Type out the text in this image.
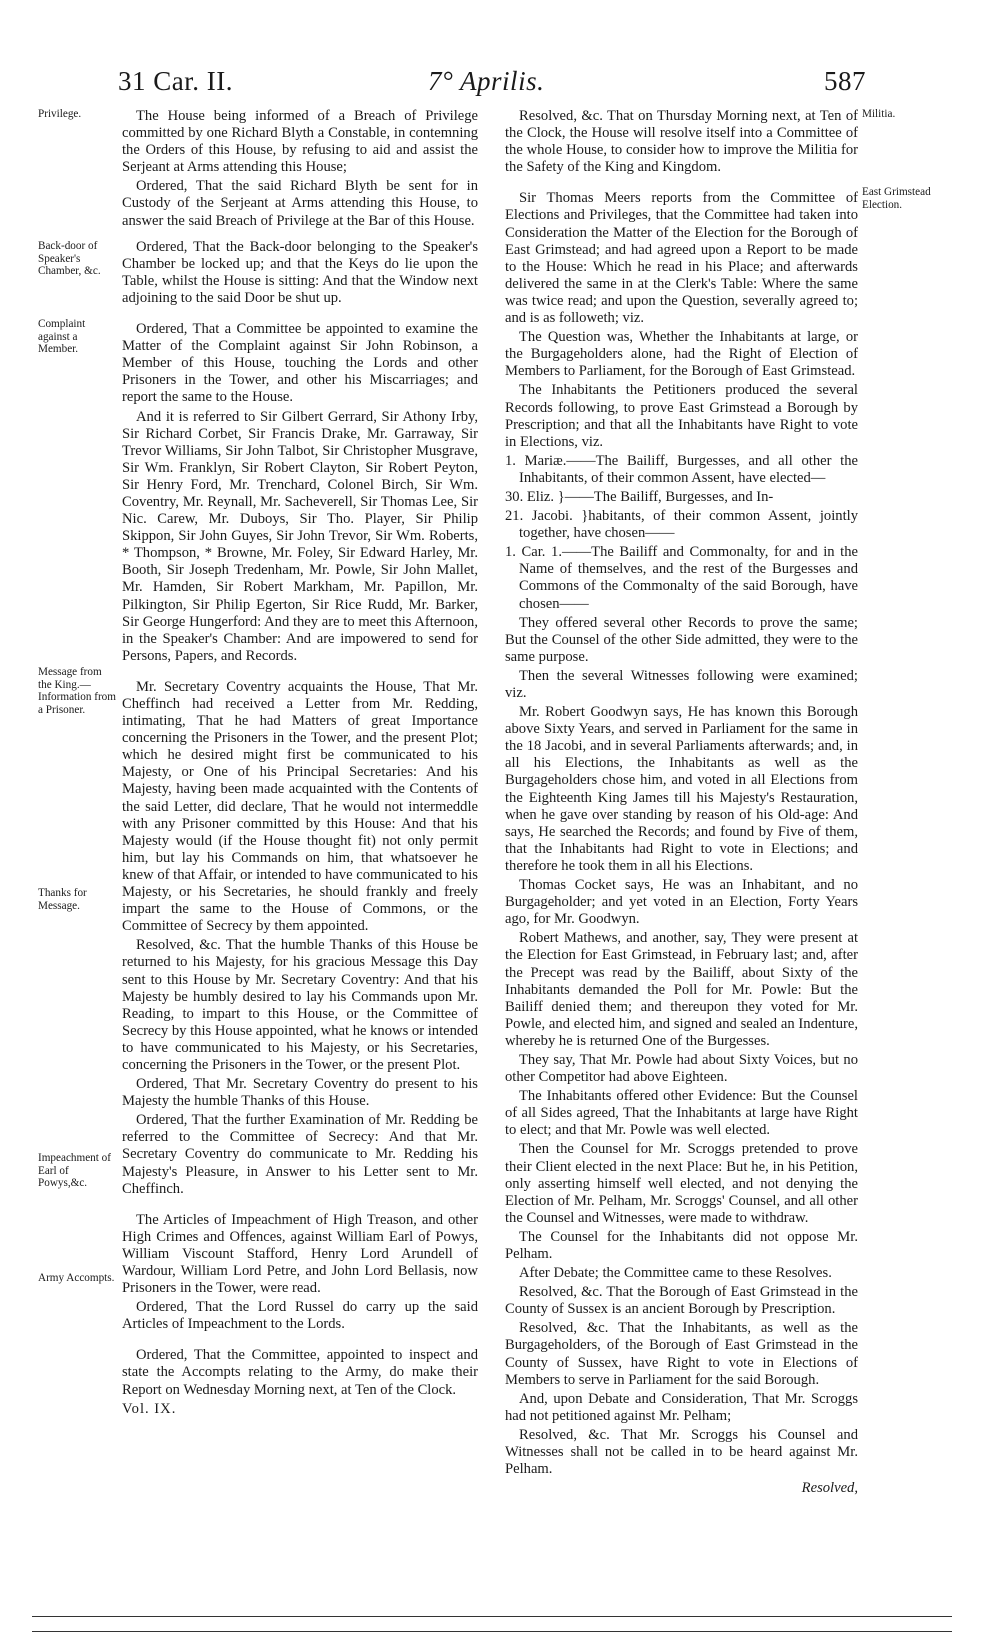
31 Car. II.	7° Aprilis.	587
Privilege.
Back-door of Speaker's Chamber, &c.
Complaint against a Member.
Message from the King.—Information from a Prisoner.
Thanks for Message.
Impeachment of Earl of Powys,&c.
Army Accompts.
Militia.
East Grimstead Election.

The House being informed of a Breach of Privilege committed by one Richard Blyth a Constable, in contemning the Orders of this House, by refusing to aid and assist the Serjeant at Arms attending this House;

Ordered, That the said Richard Blyth be sent for in Custody of the Serjeant at Arms attending this House, to answer the said Breach of Privilege at the Bar of this House.

Ordered, That the Back-door belonging to the Speaker's Chamber be locked up; and that the Keys do lie upon the Table, whilst the House is sitting: And that the Window next adjoining to the said Door be shut up.

Ordered, That a Committee be appointed to examine the Matter of the Complaint against Sir John Robinson, a Member of this House, touching the Lords and other Prisoners in the Tower, and other his Miscarriages; and report the same to the House.

And it is referred to Sir Gilbert Gerrard, Sir Athony Irby, Sir Richard Corbet, Sir Francis Drake, Mr. Garraway, Sir Trevor Williams, Sir John Talbot, Sir Christopher Musgrave, Sir Wm. Franklyn, Sir Robert Clayton, Sir Robert Peyton, Sir Henry Ford, Mr. Trenchard, Colonel Birch, Sir Wm. Coventry, Mr. Reynall, Mr. Sacheverell, Sir Thomas Lee, Sir Nic. Carew, Mr. Duboys, Sir Tho. Player, Sir Philip Skippon, Sir John Guyes, Sir John Trevor, Sir Wm. Roberts, * Thompson, * Browne, Mr. Foley, Sir Edward Harley, Mr. Booth, Sir Joseph Tredenham, Mr. Powle, Sir John Mallet, Mr. Hamden, Sir Robert Markham, Mr. Papillon, Mr. Pilkington, Sir Philip Egerton, Sir Rice Rudd, Mr. Barker, Sir George Hungerford: And they are to meet this Afternoon, in the Speaker's Chamber: And are impowered to send for Persons, Papers, and Records.

Mr. Secretary Coventry acquaints the House, That Mr. Cheffinch had received a Letter from Mr. Redding, intimating, That he had Matters of great Importance concerning the Prisoners in the Tower, and the present Plot; which he desired might first be communicated to his Majesty, or One of his Principal Secretaries: And his Majesty, having been made acquainted with the Contents of the said Letter, did declare, That he would not intermeddle with any Prisoner committed by this House: And that his Majesty would (if the House thought fit) not only permit him, but lay his Commands on him, that whatsoever he knew of that Affair, or intended to have communicated to his Majesty, or his Secretaries, he should frankly and freely impart the same to the House of Commons, or the Committee of Secrecy by them appointed.

Resolved, &c. That the humble Thanks of this House be returned to his Majesty, for his gracious Message this Day sent to this House by Mr. Secretary Coventry: And that his Majesty be humbly desired to lay his Commands upon Mr. Reading, to impart to this House, or the Committee of Secrecy by this House appointed, what he knows or intended to have communicated to his Majesty, or his Secretaries, concerning the Prisoners in the Tower, or the present Plot.

Ordered, That Mr. Secretary Coventry do present to his Majesty the humble Thanks of this House.

Ordered, That the further Examination of Mr. Redding be referred to the Committee of Secrecy: And that Mr. Secretary Coventry do communicate to Mr. Redding his Majesty's Pleasure, in Answer to his Letter sent to Mr. Cheffinch.

The Articles of Impeachment of High Treason, and other High Crimes and Offences, against William Earl of Powys, William Viscount Stafford, Henry Lord Arundell of Wardour, William Lord Petre, and John Lord Bellasis, now Prisoners in the Tower, were read.

Ordered, That the Lord Russel do carry up the said Articles of Impeachment to the Lords.

Ordered, That the Committee, appointed to inspect and state the Accompts relating to the Army, do make their Report on Wednesday Morning next, at Ten of the Clock.

Vol. IX.

Resolved, &c. That on Thursday Morning next, at Ten of the Clock, the House will resolve itself into a Committee of the whole House, to consider how to improve the Militia for the Safety of the King and Kingdom.

Sir Thomas Meers reports from the Committee of Elections and Privileges, that the Committee had taken into Consideration the Matter of the Election for the Borough of East Grimstead; and had agreed upon a Report to be made to the House: Which he read in his Place; and afterwards delivered the same in at the Clerk's Table: Where the same was twice read; and upon the Question, severally agreed to; and is as followeth; viz.

The Question was, Whether the Inhabitants at large, or the Burgageholders alone, had the Right of Election of Members to Parliament, for the Borough of East Grimstead.

The Inhabitants the Petitioners produced the several Records following, to prove East Grimstead a Borough by Prescription; and that all the Inhabitants have Right to vote in Elections, viz.

1. Mariæ.——The Bailiff, Burgesses, and all other the Inhabitants, of their common Assent, have elected—

30. Eliz. }——The Bailiff, Burgesses, and In-

21. Jacobi. }habitants, of their common Assent, jointly together, have chosen——

1. Car. 1.——The Bailiff and Commonalty, for and in the Name of themselves, and the rest of the Burgesses and Commons of the Commonalty of the said Borough, have chosen——

They offered several other Records to prove the same; But the Counsel of the other Side admitted, they were to the same purpose.

Then the several Witnesses following were examined; viz.

Mr. Robert Goodwyn says, He has known this Borough above Sixty Years, and served in Parliament for the same in the 18 Jacobi, and in several Parliaments afterwards; and, in all his Elections, the Inhabitants as well as the Burgageholders chose him, and voted in all Elections from the Eighteenth King James till his Majesty's Restauration, when he gave over standing by reason of his Old-age: And says, He searched the Records; and found by Five of them, that the Inhabitants had Right to vote in Elections; and therefore he took them in all his Elections.

Thomas Cocket says, He was an Inhabitant, and no Burgageholder; and yet voted in an Election, Forty Years ago, for Mr. Goodwyn.

Robert Mathews, and another, say, They were present at the Election for East Grimstead, in February last; and, after the Precept was read by the Bailiff, about Sixty of the Inhabitants demanded the Poll for Mr. Powle: But the Bailiff denied them; and thereupon they voted for Mr. Powle, and elected him, and signed and sealed an Indenture, whereby he is returned One of the Burgesses.

They say, That Mr. Powle had about Sixty Voices, but no other Competitor had above Eighteen.

The Inhabitants offered other Evidence: But the Counsel of all Sides agreed, That the Inhabitants at large have Right to elect; and that Mr. Powle was well elected.

Then the Counsel for Mr. Scroggs pretended to prove their Client elected in the next Place: But he, in his Petition, only asserting himself well elected, and not denying the Election of Mr. Pelham, Mr. Scroggs' Counsel, and all other the Counsel and Witnesses, were made to withdraw.

The Counsel for the Inhabitants did not oppose Mr. Pelham.

After Debate; the Committee came to these Resolves.

Resolved, &c. That the Borough of East Grimstead in the County of Sussex is an ancient Borough by Prescription.

Resolved, &c. That the Inhabitants, as well as the Burgageholders, of the Borough of East Grimstead in the County of Sussex, have Right to vote in Elections of Members to serve in Parliament for the said Borough.

And, upon Debate and Consideration, That Mr. Scroggs had not petitioned against Mr. Pelham;

Resolved, &c. That Mr. Scroggs his Counsel and Witnesses shall not be called in to be heard against Mr. Pelham.

Resolved,
